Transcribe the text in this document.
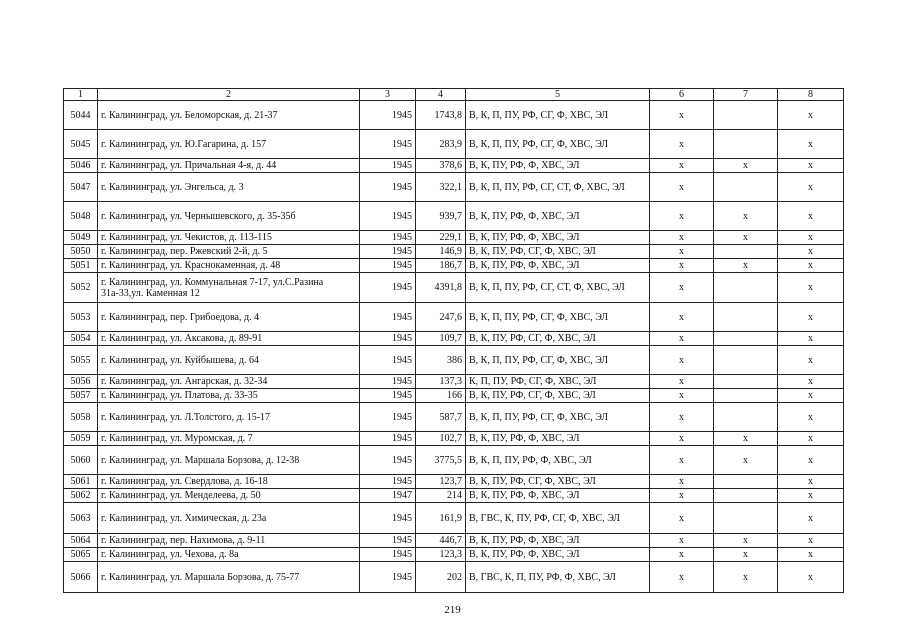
1	2	3	4	5	6	7	8
5044	г. Калининград, ул. Беломорская, д. 21-37	1945	1743,8	В, К, П, ПУ, РФ, СГ, Ф, ХВС, ЭЛ	х		х
5045	г. Калининград, ул. Ю.Гагарина, д. 157	1945	283,9	В, К, П, ПУ, РФ, СГ, Ф, ХВС, ЭЛ	х		х
5046	г. Калининград, ул. Причальная 4-я, д. 44	1945	378,6	В, К, ПУ, РФ, Ф, ХВС, ЭЛ	х	х	х
5047	г. Калининград, ул. Энгельса, д. 3	1945	322,1	В, К, П, ПУ, РФ, СГ, СТ, Ф, ХВС, ЭЛ	х		х
5048	г. Калининград, ул. Чернышевского, д. 35-35б	1945	939,7	В, К, ПУ, РФ, Ф, ХВС, ЭЛ	х	х	х
5049	г. Калининград, ул. Чекистов, д. 113-115	1945	229,1	В, К, ПУ, РФ, Ф, ХВС, ЭЛ	х	х	х
5050	г. Калининград, пер. Ржевский 2-й, д. 5	1945	146,9	В, К, ПУ, РФ, СГ, Ф, ХВС, ЭЛ	х		х
5051	г. Калининград, ул. Краснокаменная, д. 48	1945	186,7	В, К, ПУ, РФ, Ф, ХВС, ЭЛ	х	х	х
5052	г. Калининград, ул. Коммунальная 7-17, ул.С.Разина 31а-33,ул. Каменная 12	1945	4391,8	В, К, П, ПУ, РФ, СГ, СТ, Ф, ХВС, ЭЛ	х		х
5053	г. Калининград, пер. Грибоедова, д. 4	1945	247,6	В, К, П, ПУ, РФ, СГ, Ф, ХВС, ЭЛ	х		х
5054	г. Калининград, ул. Аксакова, д. 89-91	1945	109,7	В, К, ПУ, РФ, СГ, Ф, ХВС, ЭЛ	х		х
5055	г. Калининград, ул. Куйбышева, д. 64	1945	386	В, К, П, ПУ, РФ, СГ, Ф, ХВС, ЭЛ	х		х
5056	г. Калининград, ул. Ангарская, д. 32-34	1945	137,3	К, П, ПУ, РФ, СГ, Ф, ХВС, ЭЛ	х		х
5057	г. Калининград, ул. Платова, д. 33-35	1945	166	В, К, ПУ, РФ, СГ, Ф, ХВС, ЭЛ	х		х
5058	г. Калининград, ул. Л.Толстого, д. 15-17	1945	587,7	В, К, П, ПУ, РФ, СГ, Ф, ХВС, ЭЛ	х		х
5059	г. Калининград, ул. Муромская, д. 7	1945	102,7	В, К, ПУ, РФ, Ф, ХВС, ЭЛ	х	х	х
5060	г. Калининград, ул. Маршала Борзова, д. 12-38	1945	3775,5	В, К, П, ПУ, РФ, Ф, ХВС, ЭЛ	х	х	х
5061	г. Калининград, ул. Свердлова, д. 16-18	1945	123,7	В, К, ПУ, РФ, СГ, Ф, ХВС, ЭЛ	х		х
5062	г. Калининград, ул. Менделеева, д. 50	1947	214	В, К, ПУ, РФ, Ф, ХВС, ЭЛ	х		х
5063	г. Калининград, ул. Химическая, д. 23а	1945	161,9	В, ГВС, К, ПУ, РФ, СГ, Ф, ХВС, ЭЛ	х		х
5064	г. Калининград, пер. Нахимова, д. 9-11	1945	446,7	В, К, ПУ, РФ, Ф, ХВС, ЭЛ	х	х	х
5065	г. Калининград, ул. Чехова, д. 8а	1945	123,3	В, К, ПУ, РФ, Ф, ХВС, ЭЛ	х	х	х
5066	г. Калининград, ул. Маршала Борзова, д. 75-77	1945	202	В, ГВС, К, П, ПУ, РФ, Ф, ХВС, ЭЛ	х	х	х
219
